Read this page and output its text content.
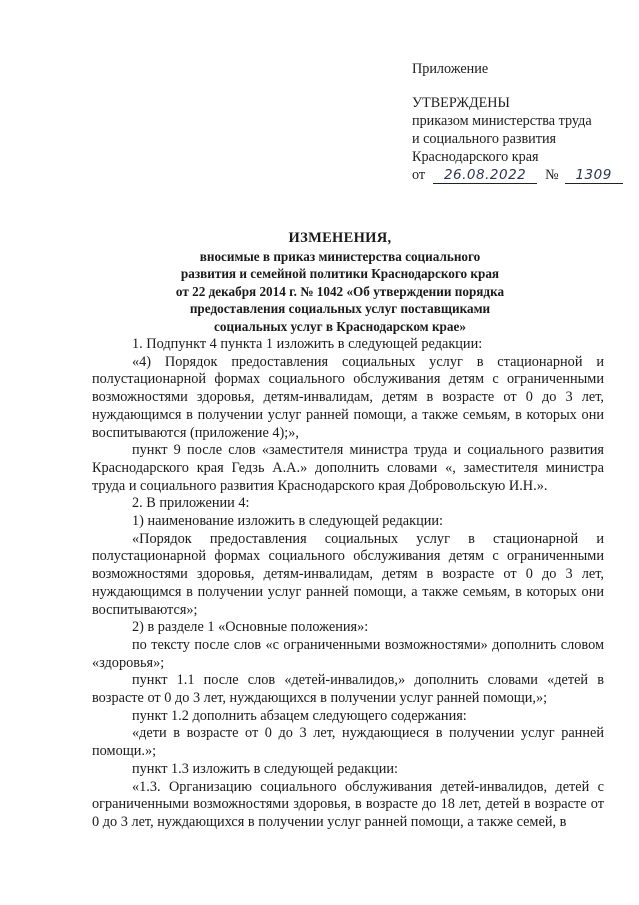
Приложение
УТВЕРЖДЕНЫ
приказом министерства труда
и социального развития
Краснодарского края
от	26.08.2022	№	1309
ИЗМЕНЕНИЯ,
вносимые в приказ министерства социального
развития и семейной политики Краснодарского края
от 22 декабря 2014 г. № 1042 «Об утверждении порядка
предоставления социальных услуг поставщиками
социальных услуг в Краснодарском крае»

1. Подпункт 4 пункта 1 изложить в следующей редакции:

«4) Порядок предоставления социальных услуг в стационарной и полустационарной формах социального обслуживания детям с ограниченными возможностями здоровья, детям-инвалидам, детям в возрасте от 0 до 3 лет, нуждающимся в получении услуг ранней помощи, а также семьям, в которых они воспитываются (приложение 4);»,

пункт 9 после слов «заместителя министра труда и социального развития Краснодарского края Гедзь А.А.» дополнить словами «, заместителя министра труда и социального развития Краснодарского края Добровольскую И.Н.».

2. В приложении 4:

1) наименование изложить в следующей редакции:

«Порядок предоставления социальных услуг в стационарной и полустационарной формах социального обслуживания детям с ограниченными возможностями здоровья, детям-инвалидам, детям в возрасте от 0 до 3 лет, нуждающимся в получении услуг ранней помощи, а также семьям, в которых они воспитываются»;

2) в разделе 1 «Основные положения»:

по тексту после слов «с ограниченными возможностями» дополнить словом «здоровья»;

пункт 1.1 после слов «детей-инвалидов,» дополнить словами «детей в возрасте от 0 до 3 лет, нуждающихся в получении услуг ранней помощи,»;

пункт 1.2 дополнить абзацем следующего содержания:

«дети в возрасте от 0 до 3 лет, нуждающиеся в получении услуг ранней помощи.»;

пункт 1.3 изложить в следующей редакции:

«1.3. Организацию социального обслуживания детей-инвалидов, детей с ограниченными возможностями здоровья, в возрасте до 18 лет, детей в возрасте от 0 до 3 лет, нуждающихся в получении услуг ранней помощи, а также семей, в
